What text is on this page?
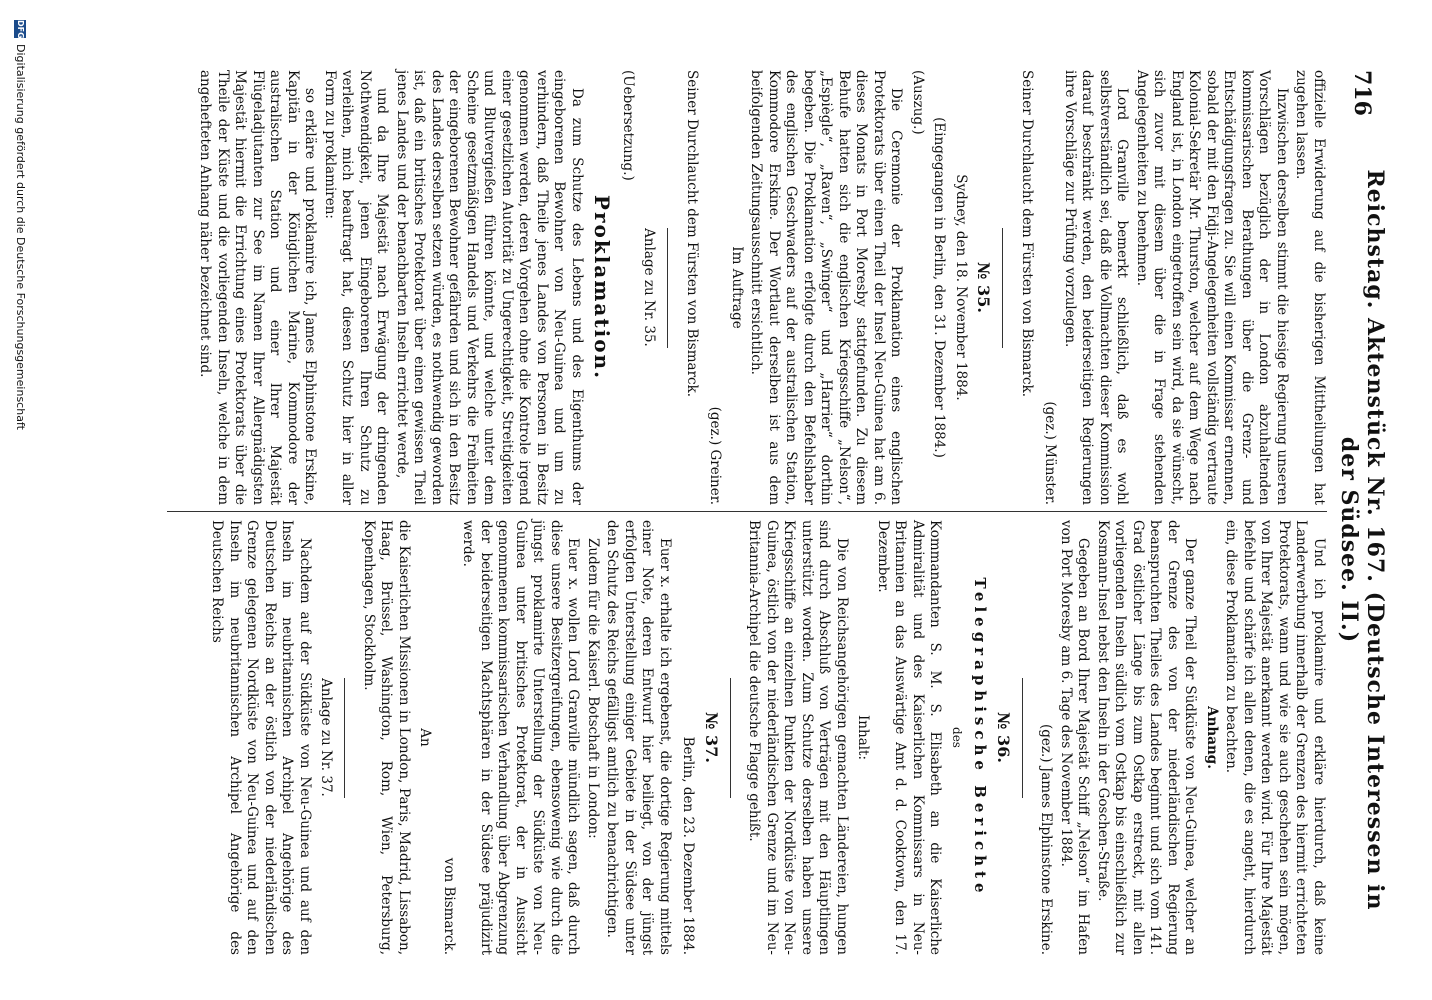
716
Reichstag. Aktenstück Nr. 167. (Deutsche Interessen in der Südsee. II.)

offizielle Erwiderung auf die bisherigen Mittheilungen hat zugehen lassen.

Inzwischen derselben stimmt die hiesige Regierung unseren Vorschlägen bezüglich der in London abzuhaltenden kommissarischen Berathungen über die Grenz- und Entschädigungsfragen zu. Sie will einen Kommissar ernennen, sobald der mit den Fidji-Angelegenheiten vollständig vertraute Kolonial-Sekretär Mr. Thurston, welcher auf dem Wege nach England ist, in London eingetroffen sein wird, da sie wünscht, sich zuvor mit diesem über die in Frage stehenden Angelegenheiten zu benehmen.

Lord Granville bemerkt schließlich, daß es wohl selbstverständlich sei, daß die Vollmachten dieser Kommission darauf beschränkt werden, den beiderseitigen Regierungen ihre Vorschläge zur Prüfung vorzulegen.

(gez.) Münster.
Seiner Durchlaucht dem Fürsten von Bismarck.
№ 35.
Sydney, den 18. November 1884.
(Eingegangen in Berlin, den 31. Dezember 1884.)
(Auszug.)

Die Ceremonie der Proklamation eines englischen Protektorats über einen Theil der Insel Neu-Guinea hat am 6. dieses Monats in Port Moresby stattgefunden. Zu diesem Behufe hatten sich die englischen Kriegsschiffe „Nelson“, „Espiègle“, „Raven“, „Swinger“ und „Harrier“ dorthin begeben. Die Proklamation erfolgte durch den Befehlshaber des englischen Geschwaders auf der australischen Station, Kommodore Erskine. Der Wortlaut derselben ist aus dem beifolgenden Zeitungsausschnitt ersichtlich.

Im Auftrage
(gez.) Greiner.
Seiner Durchlaucht dem Fürsten von Bismarck.
Anlage zu Nr. 35.
(Uebersetzung.)
Proklamation.

Da zum Schutze des Lebens und des Eigenthums der eingeborenen Bewohner von Neu-Guinea und um zu verhindern, daß Theile jenes Landes von Personen in Besitz genommen werden, deren Vorgehen ohne die Kontrole irgend einer gesetzlichen Autorität zu Ungerechtigkeit, Streitigkeiten und Blutvergießen führen könnte, und welche unter dem Scheine gesetzmäßigen Handels und Verkehrs die Freiheiten der eingeborenen Bewohner gefährden und sich in den Besitz des Landes derselben setzen würden, es nothwendig geworden ist, daß ein britisches Protektorat über einen gewissen Theil jenes Landes und der benachbarten Inseln errichtet werde,

und da Ihre Majestät nach Erwägung der dringenden Nothwendigkeit, jenen Eingeborenen Ihren Schutz zu verleihen, mich beauftragt hat, diesen Schutz hier in aller Form zu proklamiren:

so erkläre und proklamire ich, James Elphinstone Erskine, Kapitän in der Königlichen Marine, Kommodore der australischen Station und einer Ihrer Majestät Flügeladjutanten zur See im Namen Ihrer Allergnädigsten Majestät hiermit die Errichtung eines Protektorats über die Theile der Küste und die vorliegenden Inseln, welche in dem angehefteten Anhang näher bezeichnet sind.

Und ich proklamire und erkläre hierdurch, daß keine Landerwerbung innerhalb der Grenzen des hiermit errichteten Protektorats, wann und wie sie auch geschehen sein mögen, von Ihrer Majestät anerkannt werden wird. Für Ihre Majestät befehle und schärfe ich allen denen, die es angeht, hierdurch ein, diese Proklamation zu beachten.

Anhang.

Der ganze Theil der Südküste von Neu-Guinea, welcher an der Grenze des von der niederländischen Regierung beanspruchten Theiles des Landes beginnt und sich vom 141. Grad östlicher Länge bis zum Ostkap erstreckt, mit allen vorliegenden Inseln südlich vom Ostkap bis einschließlich zur Kosmann-Insel nebst den Inseln in der Goschen-Straße.

Gegeben an Bord Ihrer Majestät Schiff „Nelson“ im Hafen von Port Moresby am 6. Tage des November 1884.

(gez.) James Elphinstone Erskine.
№ 36.
Telegraphische Berichte
des

Kommandanten S. M. S. Elisabeth an die Kaiserliche Admiralität und des Kaiserlichen Kommissars in Neu-Britannien an das Auswärtige Amt d. d. Cooktown, den 17. Dezember.

Inhalt:

Die von Reichsangehörigen gemachten Ländereien, hungen sind durch Abschluß von Verträgen mit den Häuptlingen unterstützt worden. Zum Schutze derselben haben unsere Kriegsschiffe an einzelnen Punkten der Nordküste von Neu-Guinea, östlich von der niederländischen Grenze und im Neu-Britannia-Archipel die deutsche Flagge gehißt.

№ 37.
Berlin, den 23. Dezember 1884.

Euer x. erhalte ich ergebenst, die dortige Regierung mittels einer Note, deren Entwurf hier beiliegt, von der jüngst erfolgten Unterstellung einiger Gebiete in der Südsee unter den Schutz des Reichs gefälligst amtlich zu benachrichtigen.

Zudem für die Kaiserl. Botschaft in London:

Euer x. wollen Lord Granville mündlich sagen, daß durch diese unsere Besitzergreifungen, ebensowenig wie durch die jüngst proklamirte Unterstellung der Südküste von Neu-Guinea unter britisches Protektorat, der in Aussicht genommenen kommissarischen Verhandlung über Abgrenzung der beiderseitigen Machtsphären in der Südsee präjudizirt werde.

von Bismarck.
An

die Kaiserlichen Missionen in London, Paris, Madrid, Lissabon, Haag, Brüssel, Washington, Rom, Wien, Petersburg, Kopenhagen, Stockholm.

Anlage zu Nr. 37.

Nachdem auf der Südküste von Neu-Guinea und auf den Inseln im neubritannischen Archipel Angehörige des Deutschen Reichs an der östlich von der niederländischen Grenze gelegenen Nordküste von Neu-Guinea und auf den Inseln im neubritannischen Archipel Angehörige des Deutschen Reichs

DFG
Digitalisierung gefördert durch die Deutsche Forschungsgemeinschaft
